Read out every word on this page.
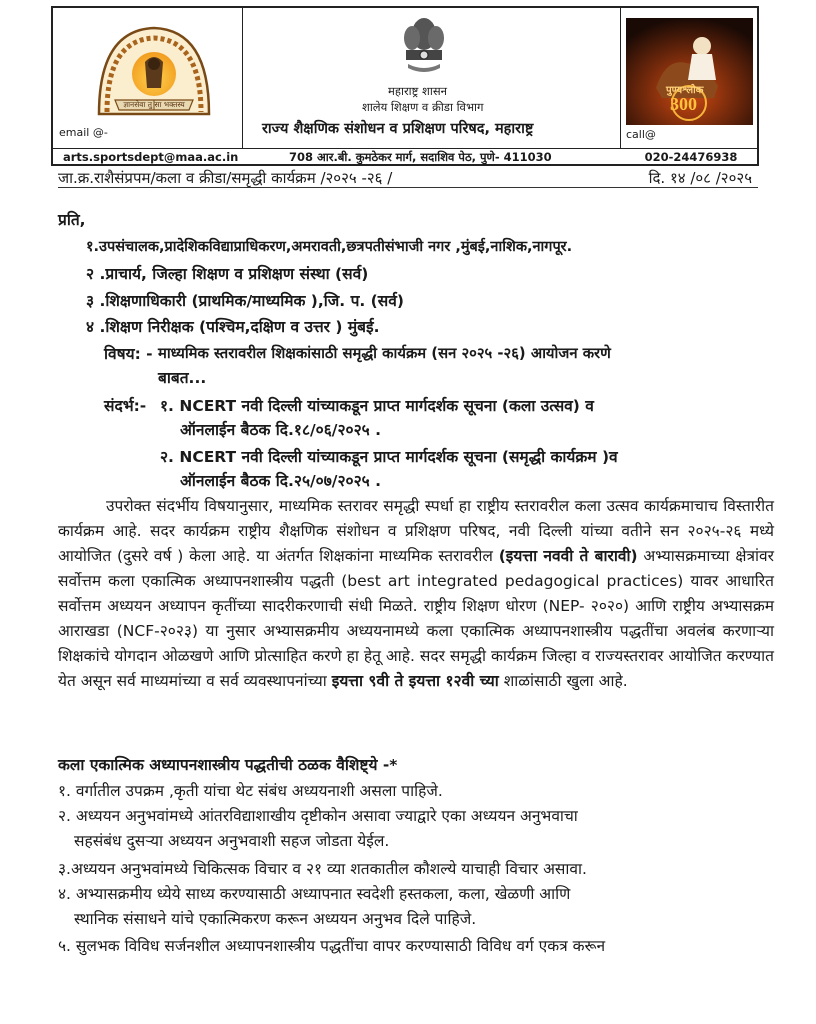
ज्ञानसेवा तु सा भक्तस्य
email @-
महाराष्ट्र शासन
शालेय शिक्षण व क्रीडा विभाग
राज्य शैक्षणिक संशोधन व प्रशिक्षण परिषद, महाराष्ट्र
पुण्यश्लोक
300
call@
arts.sportsdept@maa.ac.in	708 आर.बी. कुमठेकर मार्ग, सदाशिव पेठ, पुणे- 411030	020-24476938
जा.क्र.राशैसंप्रपम/कला व क्रीडा/समृद्धी कार्यक्रम /२०२५ -२६ /	दि. १४ /०८ /२०२५
प्रति,
१.उपसंचालक,प्रादेशिकविद्याप्राधिकरण,अमरावती,छत्रपतीसंभाजी नगर ,मुंबई,नाशिक,नागपूर.
२ .प्राचार्य, जिल्हा शिक्षण व प्रशिक्षण संस्था (सर्व)
३ .शिक्षणाधिकारी (प्राथमिक/माध्यमिक ),जि. प. (सर्व)
४ .शिक्षण निरीक्षक (पश्चिम,दक्षिण व उत्तर ) मुंबई.
विषय: - माध्यमिक स्तरावरील शिक्षकांसाठी समृद्धी कार्यक्रम (सन २०२५ -२६) आयोजन करणे
बाबत...
संदर्भ:- १. NCERT नवी दिल्ली यांच्याकडून प्राप्त मार्गदर्शक सूचना (कला उत्सव) व
ऑनलाईन बैठक दि.१८/०६/२०२५ .
२. NCERT नवी दिल्ली यांच्याकडून प्राप्त मार्गदर्शक सूचना (समृद्धी कार्यक्रम )व
ऑनलाईन बैठक दि.२५/०७/२०२५ .
उपरोक्त संदर्भीय विषयानुसार, माध्यमिक स्तरावर समृद्धी स्पर्धा हा राष्ट्रीय स्तरावरील कला उत्सव कार्यक्रमाचाच विस्तारीत कार्यक्रम आहे. सदर कार्यक्रम राष्ट्रीय शैक्षणिक संशोधन व प्रशिक्षण परिषद, नवी दिल्ली यांच्या वतीने सन २०२५-२६ मध्ये आयोजित (दुसरे वर्ष ) केला आहे. या अंतर्गत शिक्षकांना माध्यमिक स्तरावरील (इयत्ता नववी ते बारावी) अभ्यासक्रमाच्या क्षेत्रांवर सर्वोत्तम कला एकात्मिक अध्यापनशास्त्रीय पद्धती (best art integrated pedagogical practices) यावर आधारित सर्वोत्तम अध्ययन अध्यापन कृतींच्या सादरीकरणाची संधी मिळते. राष्ट्रीय शिक्षण धोरण (NEP- २०२०) आणि राष्ट्रीय अभ्यासक्रम आराखडा (NCF-२०२३) या नुसार अभ्यासक्रमीय अध्ययनामध्ये कला एकात्मिक अध्यापनशास्त्रीय पद्धतींचा अवलंब करणाऱ्या शिक्षकांचे योगदान ओळखणे आणि प्रोत्साहित करणे हा हेतू आहे. सदर समृद्धी कार्यक्रम जिल्हा व राज्यस्तरावर आयोजित करण्यात येत असून सर्व माध्यमांच्या व सर्व व्यवस्थापनांच्या इयत्ता ९वी ते इयत्ता १२वी च्या शाळांसाठी खुला आहे.
कला एकात्मिक अध्यापनशास्त्रीय पद्धतीची ठळक वैशिष्ट्ये -*
१. वर्गातील उपक्रम ,कृती यांचा थेट संबंध अध्ययनाशी असला पाहिजे.
२. अध्ययन अनुभवांमध्ये आंतरविद्याशाखीय दृष्टीकोन असावा ज्याद्वारे एका अध्ययन अनुभवाचा
सहसंबंध दुसऱ्या अध्ययन अनुभवाशी सहज जोडता येईल.
३.अध्ययन अनुभवांमध्ये चिकित्सक विचार व २१ व्या शतकातील कौशल्ये याचाही विचार असावा.
४. अभ्यासक्रमीय ध्येये साध्य करण्यासाठी अध्यापनात स्वदेशी हस्तकला, कला, खेळणी आणि
स्थानिक संसाधने यांचे एकात्मिकरण करून अध्ययन अनुभव दिले पाहिजे.
५. सुलभक विविध सर्जनशील अध्यापनशास्त्रीय पद्धतींचा वापर करण्यासाठी विविध वर्ग एकत्र करून
